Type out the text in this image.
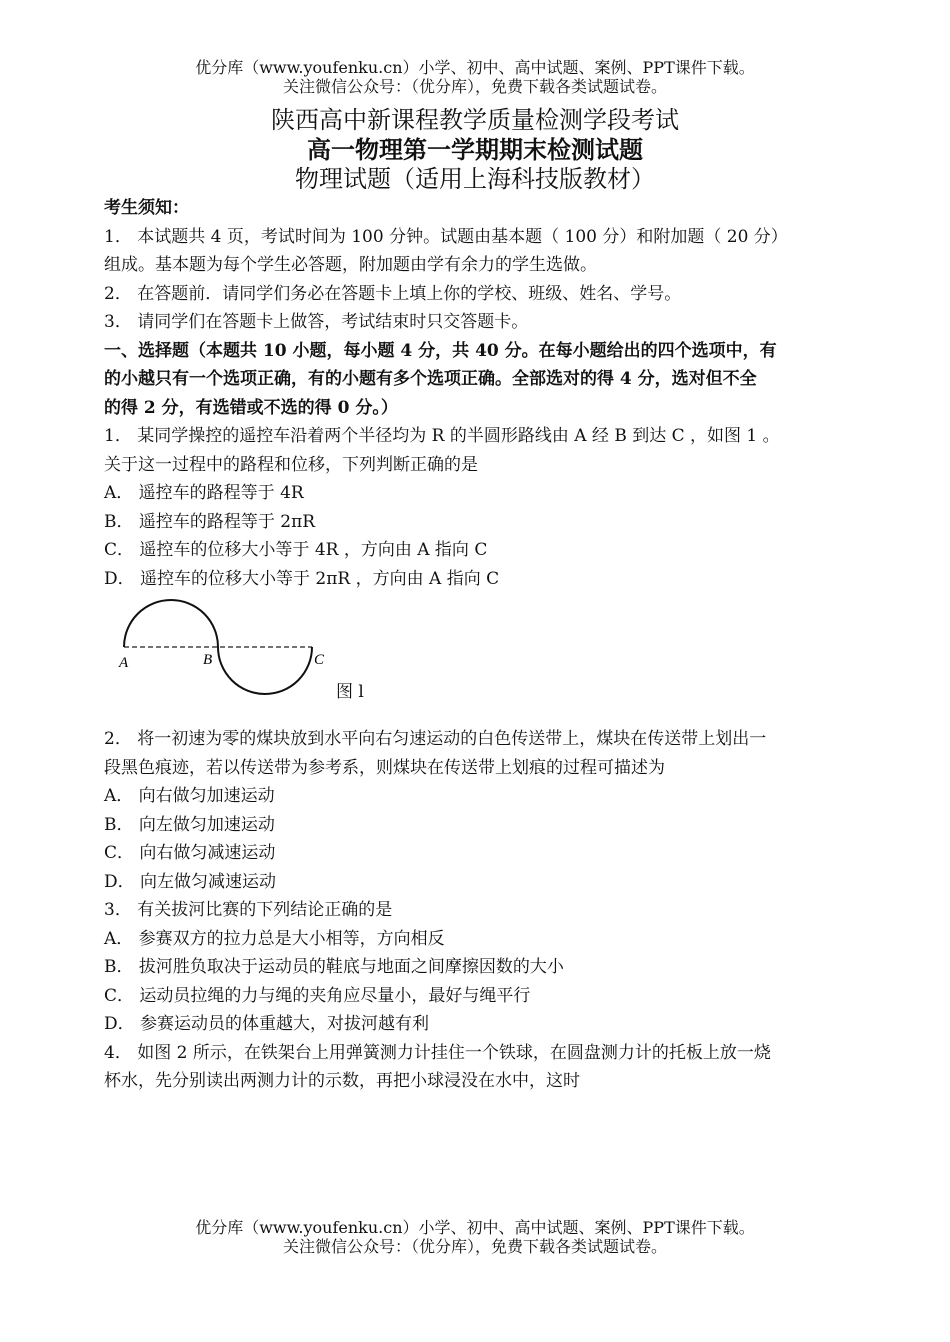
优分库（www.youfenku.cn）小学、初中、高中试题、案例、PPT课件下载。
关注微信公众号：（优分库），免费下载各类试题试卷。
陕西高中新课程教学质量检测学段考试
高一物理第一学期期末检测试题
物理试题（适用上海科技版教材）

考生须知：

1． 本试题共 4 页，考试时间为 100 分钟。试题由基本题（ 100 分）和附加题（ 20 分）

组成。基本题为每个学生必答题，附加题由学有余力的学生选做。

2． 在答题前．请同学们务必在答题卡上填上你的学校、班级、姓名、学号。

3． 请同学们在答题卡上做答，考试结束时只交答题卡。

一、选择题（本题共 10 小题，每小题 4 分，共 40 分。在每小题给出的四个选项中，有

的小越只有一个选项正确，有的小题有多个选项正确。全部选对的得 4 分，选对但不全

的得 2 分，有选错或不选的得 0 分。）

1． 某同学操控的遥控车沿着两个半径均为 R 的半圆形路线由 A 经 B 到达 C ，如图 1 。

关于这一过程中的路程和位移，下列判断正确的是

A． 遥控车的路程等于 4R

B． 遥控车的路程等于 2πR

C． 遥控车的位移大小等于 4R ，方向由 A 指向 C

D． 遥控车的位移大小等于 2πR ，方向由 A 指向 C

A	B	C
图 l

2． 将一初速为零的煤块放到水平向右匀速运动的白色传送带上，煤块在传送带上划出一

段黑色痕迹，若以传送带为参考系，则煤块在传送带上划痕的过程可描述为

A． 向右做匀加速运动

B． 向左做匀加速运动

C． 向右做匀减速运动

D． 向左做匀减速运动

3． 有关拔河比赛的下列结论正确的是

A． 参赛双方的拉力总是大小相等，方向相反

B． 拔河胜负取决于运动员的鞋底与地面之间摩擦因数的大小

C． 运动员拉绳的力与绳的夹角应尽量小，最好与绳平行

D． 参赛运动员的体重越大，对拔河越有利

4． 如图 2 所示，在铁架台上用弹簧测力计挂住一个铁球，在圆盘测力计的托板上放一烧

杯水，先分别读出两测力计的示数，再把小球浸没在水中，这时

优分库（www.youfenku.cn）小学、初中、高中试题、案例、PPT课件下载。
关注微信公众号：（优分库），免费下载各类试题试卷。
